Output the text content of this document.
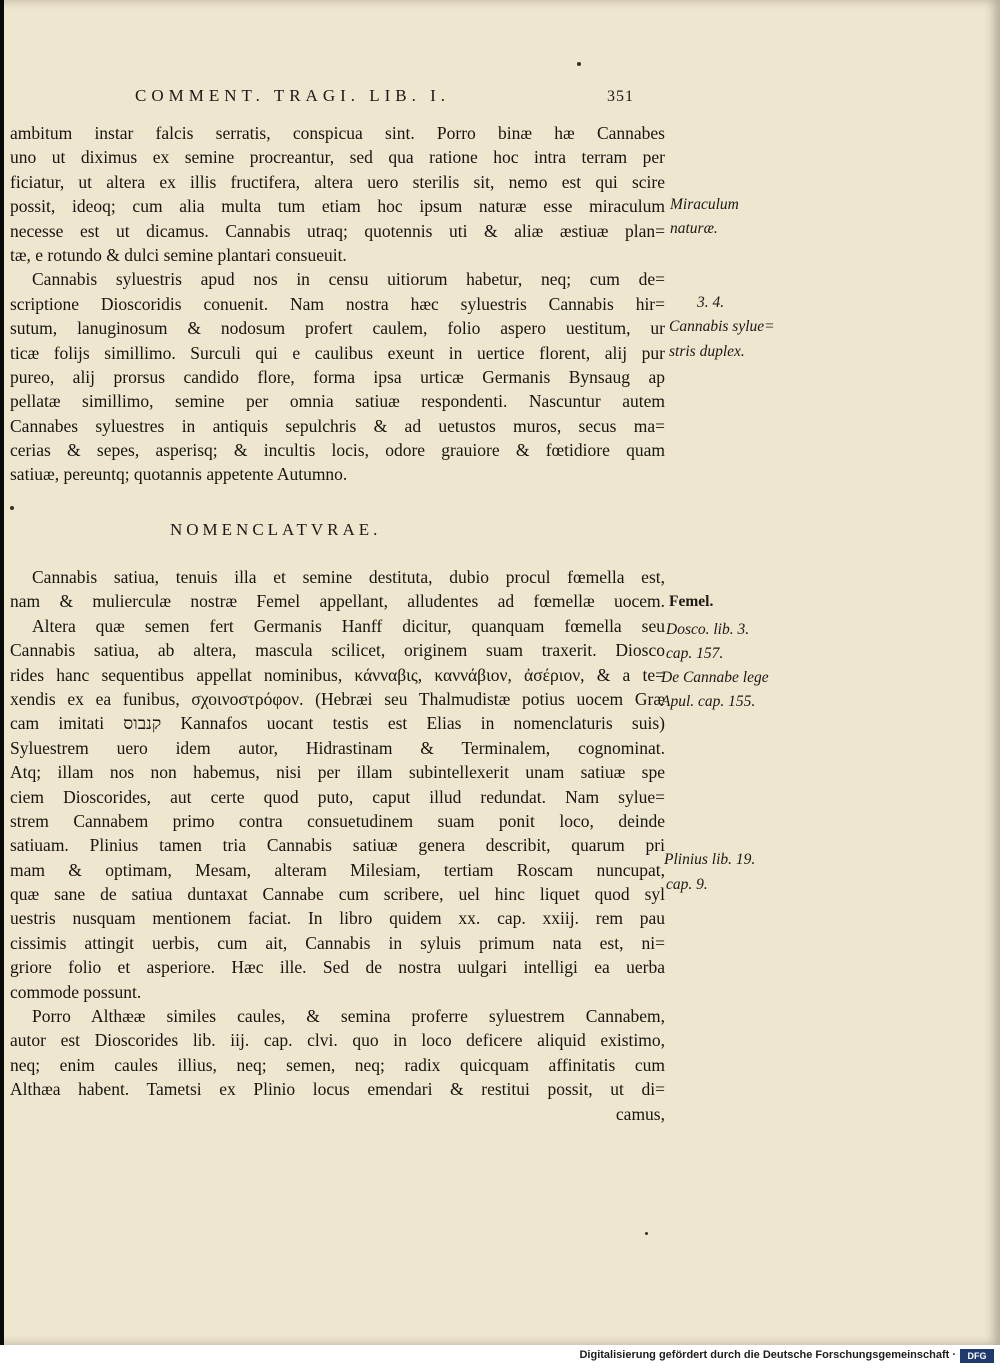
COMMENT. TRAGI. LIB. I.	351
ambitum instar falcis serratis, conspicua sint. Porro binæ hæ Cannabes
uno ut diximus ex semine procreantur, sed qua ratione hoc intra terram per
ficiatur, ut altera ex illis fructifera, altera uero sterilis sit, nemo est qui scire
possit, ideoq; cum alia multa tum etiam hoc ipsum naturæ esse miraculum
necesse est ut dicamus. Cannabis utraq; quotennis uti & aliæ æstiuæ plan=
tæ, e rotundo & dulci semine plantari consueuit.
Cannabis syluestris apud nos in censu uitiorum habetur, neq; cum de=
scriptione Dioscoridis conuenit. Nam nostra hæc syluestris Cannabis hir=
sutum, lanuginosum & nodosum profert caulem, folio aspero uestitum, ur
ticæ folijs simillimo. Surculi qui e caulibus exeunt in uertice florent, alij pur
pureo, alij prorsus candido flore, forma ipsa urticæ Germanis Bynsaug ap
pellatæ simillimo, semine per omnia satiuæ respondenti. Nascuntur autem
Cannabes syluestres in antiquis sepulchris & ad uetustos muros, secus ma=
cerias & sepes, asperisq; & incultis locis, odore grauiore & fœtidiore quam
satiuæ, pereuntq; quotannis appetente Autumno.
NOMENCLATVRAE.
Cannabis satiua, tenuis illa et semine destituta, dubio procul fœmella est,
nam & mulierculæ nostræ Femel appellant, alludentes ad fœmellæ uocem.
Altera quæ semen fert Germanis Hanff dicitur, quanquam fœmella seu
Cannabis satiua, ab altera, mascula scilicet, originem suam traxerit. Diosco
rides hanc sequentibus appellat nominibus, κάνναβις, καννάβιον, ἀσέριον, & a te=
xendis ex ea funibus, σχοινοστρόφον. (Hebræi seu Thalmudistæ potius uocem Græ
cam imitati קנבוס Kannafos uocant testis est Elias in nomenclaturis suis)
Syluestrem uero idem autor, Hidrastinam & Terminalem, cognominat.
Atq; illam nos non habemus, nisi per illam subintellexerit unam satiuæ spe
ciem Dioscorides, aut certe quod puto, caput illud redundat. Nam sylue=
strem Cannabem primo contra consuetudinem suam ponit loco, deinde
satiuam. Plinius tamen tria Cannabis satiuæ genera describit, quarum pri
mam & optimam, Mesam, alteram Milesiam, tertiam Roscam nuncupat,
quæ sane de satiua duntaxat Cannabe cum scribere, uel hinc liquet quod syl
uestris nusquam mentionem faciat. In libro quidem xx. cap. xxiij. rem pau
cissimis attingit uerbis, cum ait, Cannabis in syluis primum nata est, ni=
griore folio et asperiore. Hæc ille. Sed de nostra uulgari intelligi ea uerba
commode possunt.
Porro Althææ similes caules, & semina proferre syluestrem Cannabem,
autor est Dioscorides lib. iij. cap. clvi. quo in loco deficere aliquid existimo,
neq; enim caules illius, neq; semen, neq; radix quicquam affinitatis cum
Althæa habent. Tametsi ex Plinio locus emendari & restitui possit, ut di=
camus,
Miraculum
naturæ.
3. 4.
Cannabis sylue=
stris duplex.
Femel.
Dosco. lib. 3.
cap. 157.
De Cannabe lege
Apul. cap. 155.
Plinius lib. 19.
cap. 9.
Digitalisierung gefördert durch die Deutsche Forschungsgemeinschaft ·	DFG
